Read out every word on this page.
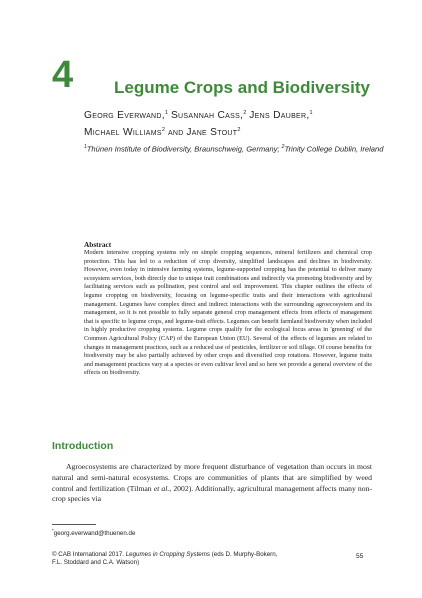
4 Legume Crops and Biodiversity
Georg Everwand,$^1$ Susannah Cass,$^2$ Jens Dauber,$^1$
Michael Williams$^2$ and Jane Stout$^2$
$^1$Thünen Institute of Biodiversity, Braunschweig, Germany; $^2$Trinity College Dublin, Ireland
Abstract
Modern intensive cropping systems rely on simple cropping sequences, mineral fertilizers and chemical crop protection. This has led to a reduction of crop diversity, simplified landscapes and declines in biodiversity. However, even today in intensive farming systems, legume-supported cropping has the potential to deliver many ecosystem services, both directly due to unique trait combinations and indirectly via promoting biodiversity and by facilitating services such as pollination, pest control and soil improvement. This chapter outlines the effects of legume cropping on biodiversity, focusing on legume-specific traits and their interactions with agricultural management. Legumes have complex direct and indirect interactions with the surrounding agroecosystem and its management, so it is not possible to fully separate general crop management effects from effects of management that is specific to legume crops, and legume-trait effects. Legumes can benefit farmland biodiversity when included in highly productive cropping systems. Legume crops qualify for the ecological focus areas in 'greening' of the Common Agricultural Policy (CAP) of the European Union (EU). Several of the effects of legumes are related to changes in management practices, such as a reduced use of pesticides, fertilizer or soil tillage. Of course benefits for biodiversity may be also partially achieved by other crops and diversified crop rotations. However, legume traits and management practices vary at a species or even cultivar level and so here we provide a general overview of the effects on biodiversity.
Introduction
Agroecosystems are characterized by more frequent disturbance of vegetation than occurs in most natural and semi-natural ecosystems. Crops are communities of plants that are simplified by weed control and fertilization (Tilman et al., 2002). Additionally, agricultural management affects many non-crop species via
*georg.everwand@thuenen.de
© CAB International 2017. Legumes in Cropping Systems (eds D. Murphy-Bokern,
F.L. Stoddard and C.A. Watson)
55
